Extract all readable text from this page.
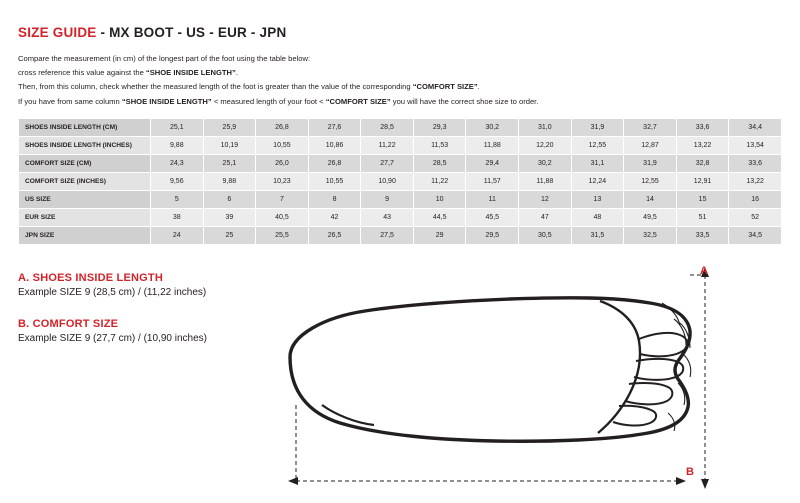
SIZE GUIDE - MX BOOT - US - EUR - JPN
Compare the measurement (in cm) of the longest part of the foot using the table below:
cross reference this value against the “SHOE INSIDE LENGTH”.
Then, from this column, check whether the measured length of the foot is greater than the value of the corresponding “COMFORT SIZE”.
If you have from same column “SHOE INSIDE LENGTH” < measured length of your foot < “COMFORT SIZE” you will have the correct shoe size to order.
SHOES INSIDE LENGTH (CM)	25,1	25,9	26,8	27,6	28,5	29,3	30,2	31,0	31,9	32,7	33,6	34,4
SHOES INSIDE LENGTH (INCHES)	9,88	10,19	10,55	10,86	11,22	11,53	11,88	12,20	12,55	12,87	13,22	13,54
COMFORT SIZE (CM)	24,3	25,1	26,0	26,8	27,7	28,5	29,4	30,2	31,1	31,9	32,8	33,6
COMFORT SIZE (INCHES)	9,56	9,88	10,23	10,55	10,90	11,22	11,57	11,88	12,24	12,55	12,91	13,22
US SIZE	5	6	7	8	9	10	11	12	13	14	15	16
EUR SIZE	38	39	40,5	42	43	44,5	45,5	47	48	49,5	51	52
JPN SIZE	24	25	25,5	26,5	27,5	29	29,5	30,5	31,5	32,5	33,5	34,5
A. SHOES INSIDE LENGTH

Example SIZE 9 (28,5 cm) / (11,22 inches)

B. COMFORT SIZE

Example SIZE 9 (27,7 cm) / (10,90 inches)

A
B
